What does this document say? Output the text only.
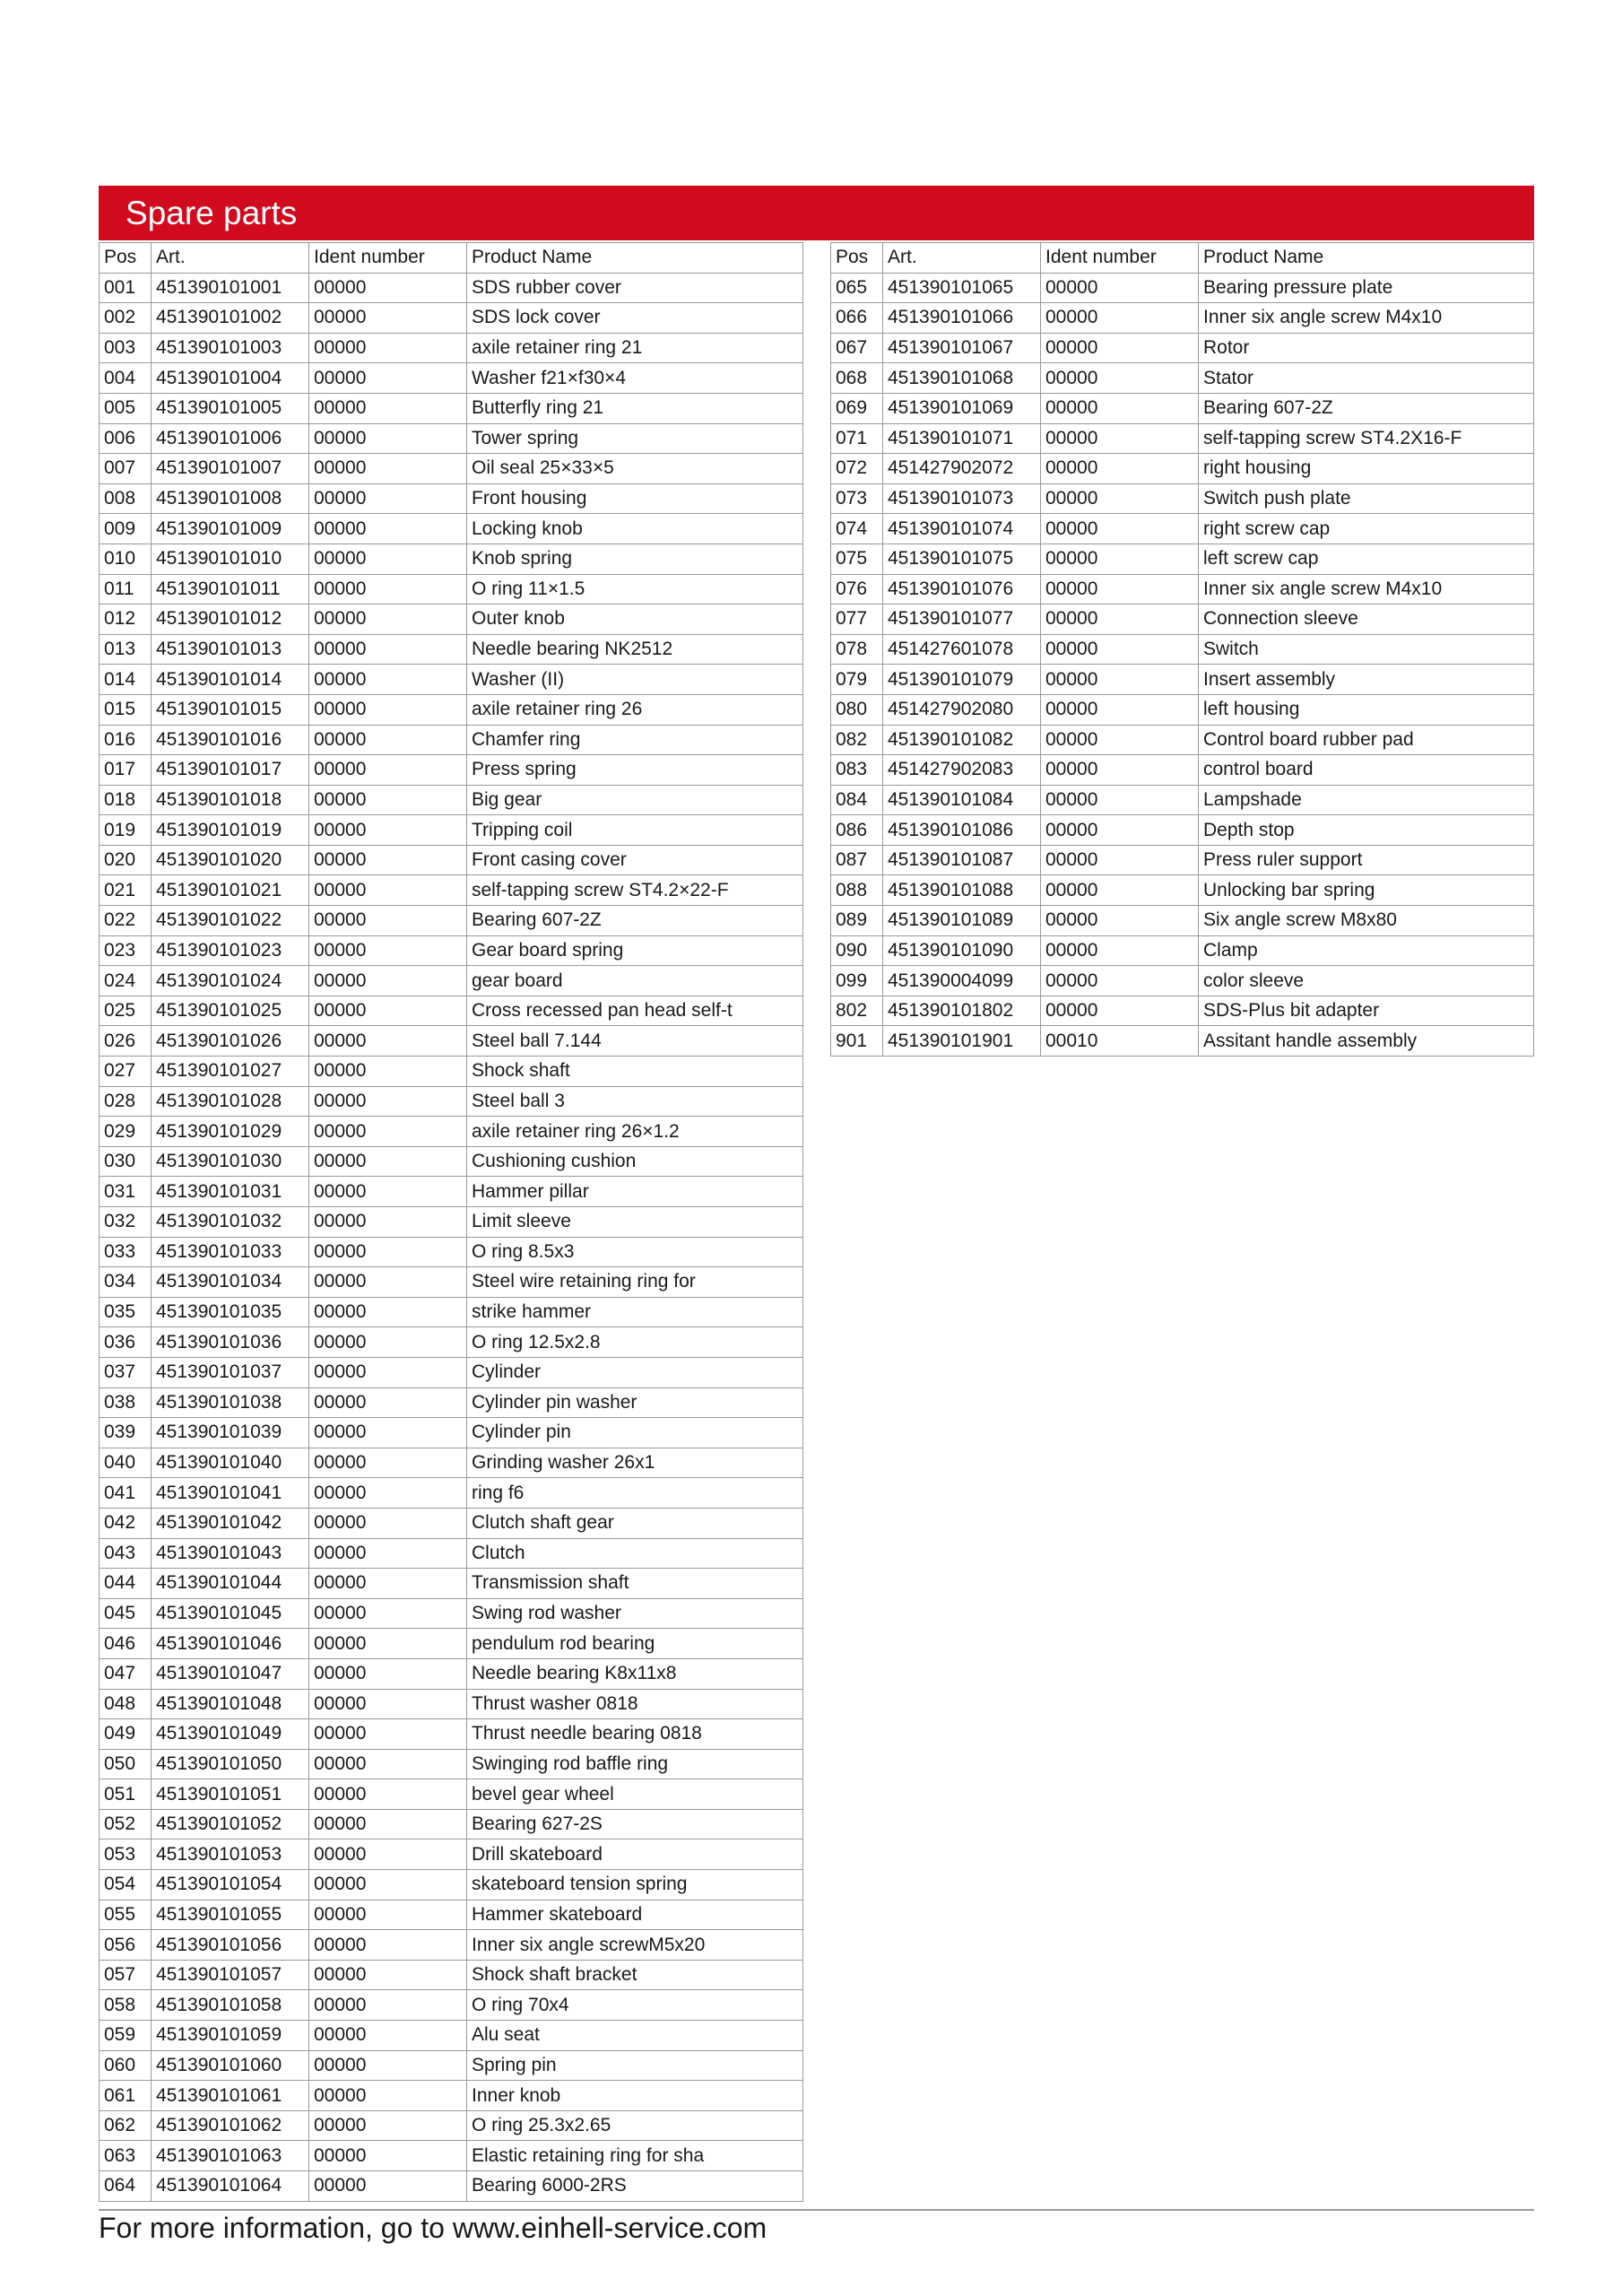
Spare parts
Pos	Art.	Ident number	Product Name
001	451390101001	00000	SDS rubber cover
002	451390101002	00000	SDS lock cover
003	451390101003	00000	axile retainer ring 21
004	451390101004	00000	Washer f21×f30×4
005	451390101005	00000	Butterfly ring 21
006	451390101006	00000	Tower spring
007	451390101007	00000	Oil seal 25×33×5
008	451390101008	00000	Front housing
009	451390101009	00000	Locking knob
010	451390101010	00000	Knob spring
011	451390101011	00000	O ring 11×1.5
012	451390101012	00000	Outer knob
013	451390101013	00000	Needle bearing NK2512
014	451390101014	00000	Washer (II)
015	451390101015	00000	axile retainer ring 26
016	451390101016	00000	Chamfer ring
017	451390101017	00000	Press spring
018	451390101018	00000	Big gear
019	451390101019	00000	Tripping coil
020	451390101020	00000	Front casing cover
021	451390101021	00000	self-tapping screw ST4.2×22-F
022	451390101022	00000	Bearing 607-2Z
023	451390101023	00000	Gear board spring
024	451390101024	00000	gear board
025	451390101025	00000	Cross recessed pan head self-t
026	451390101026	00000	Steel ball 7.144
027	451390101027	00000	Shock shaft
028	451390101028	00000	Steel ball 3
029	451390101029	00000	axile retainer ring 26×1.2
030	451390101030	00000	Cushioning cushion
031	451390101031	00000	Hammer pillar
032	451390101032	00000	Limit sleeve
033	451390101033	00000	O ring 8.5x3
034	451390101034	00000	Steel wire retaining ring for
035	451390101035	00000	strike hammer
036	451390101036	00000	O ring 12.5x2.8
037	451390101037	00000	Cylinder
038	451390101038	00000	Cylinder pin washer
039	451390101039	00000	Cylinder pin
040	451390101040	00000	Grinding washer 26x1
041	451390101041	00000	ring f6
042	451390101042	00000	Clutch shaft gear
043	451390101043	00000	Clutch
044	451390101044	00000	Transmission shaft
045	451390101045	00000	Swing rod washer
046	451390101046	00000	pendulum rod bearing
047	451390101047	00000	Needle bearing K8x11x8
048	451390101048	00000	Thrust washer 0818
049	451390101049	00000	Thrust needle bearing 0818
050	451390101050	00000	Swinging rod baffle ring
051	451390101051	00000	bevel gear wheel
052	451390101052	00000	Bearing 627-2S
053	451390101053	00000	Drill skateboard
054	451390101054	00000	skateboard tension spring
055	451390101055	00000	Hammer skateboard
056	451390101056	00000	Inner six angle screwM5x20
057	451390101057	00000	Shock shaft bracket
058	451390101058	00000	O ring 70x4
059	451390101059	00000	Alu seat
060	451390101060	00000	Spring pin
061	451390101061	00000	Inner knob
062	451390101062	00000	O ring 25.3x2.65
063	451390101063	00000	Elastic retaining ring for sha
064	451390101064	00000	Bearing 6000-2RS
Pos	Art.	Ident number	Product Name
065	451390101065	00000	Bearing pressure plate
066	451390101066	00000	Inner six angle screw M4x10
067	451390101067	00000	Rotor
068	451390101068	00000	Stator
069	451390101069	00000	Bearing 607-2Z
071	451390101071	00000	self-tapping screw ST4.2X16-F
072	451427902072	00000	right housing
073	451390101073	00000	Switch push plate
074	451390101074	00000	right screw cap
075	451390101075	00000	left screw cap
076	451390101076	00000	Inner six angle screw M4x10
077	451390101077	00000	Connection sleeve
078	451427601078	00000	Switch
079	451390101079	00000	Insert assembly
080	451427902080	00000	left housing
082	451390101082	00000	Control board rubber pad
083	451427902083	00000	control board
084	451390101084	00000	Lampshade
086	451390101086	00000	Depth stop
087	451390101087	00000	Press ruler support
088	451390101088	00000	Unlocking bar spring
089	451390101089	00000	Six angle screw M8x80
090	451390101090	00000	Clamp
099	451390004099	00000	color sleeve
802	451390101802	00000	SDS-Plus bit adapter
901	451390101901	00010	Assitant handle assembly
For more information, go to www.einhell-service.com
